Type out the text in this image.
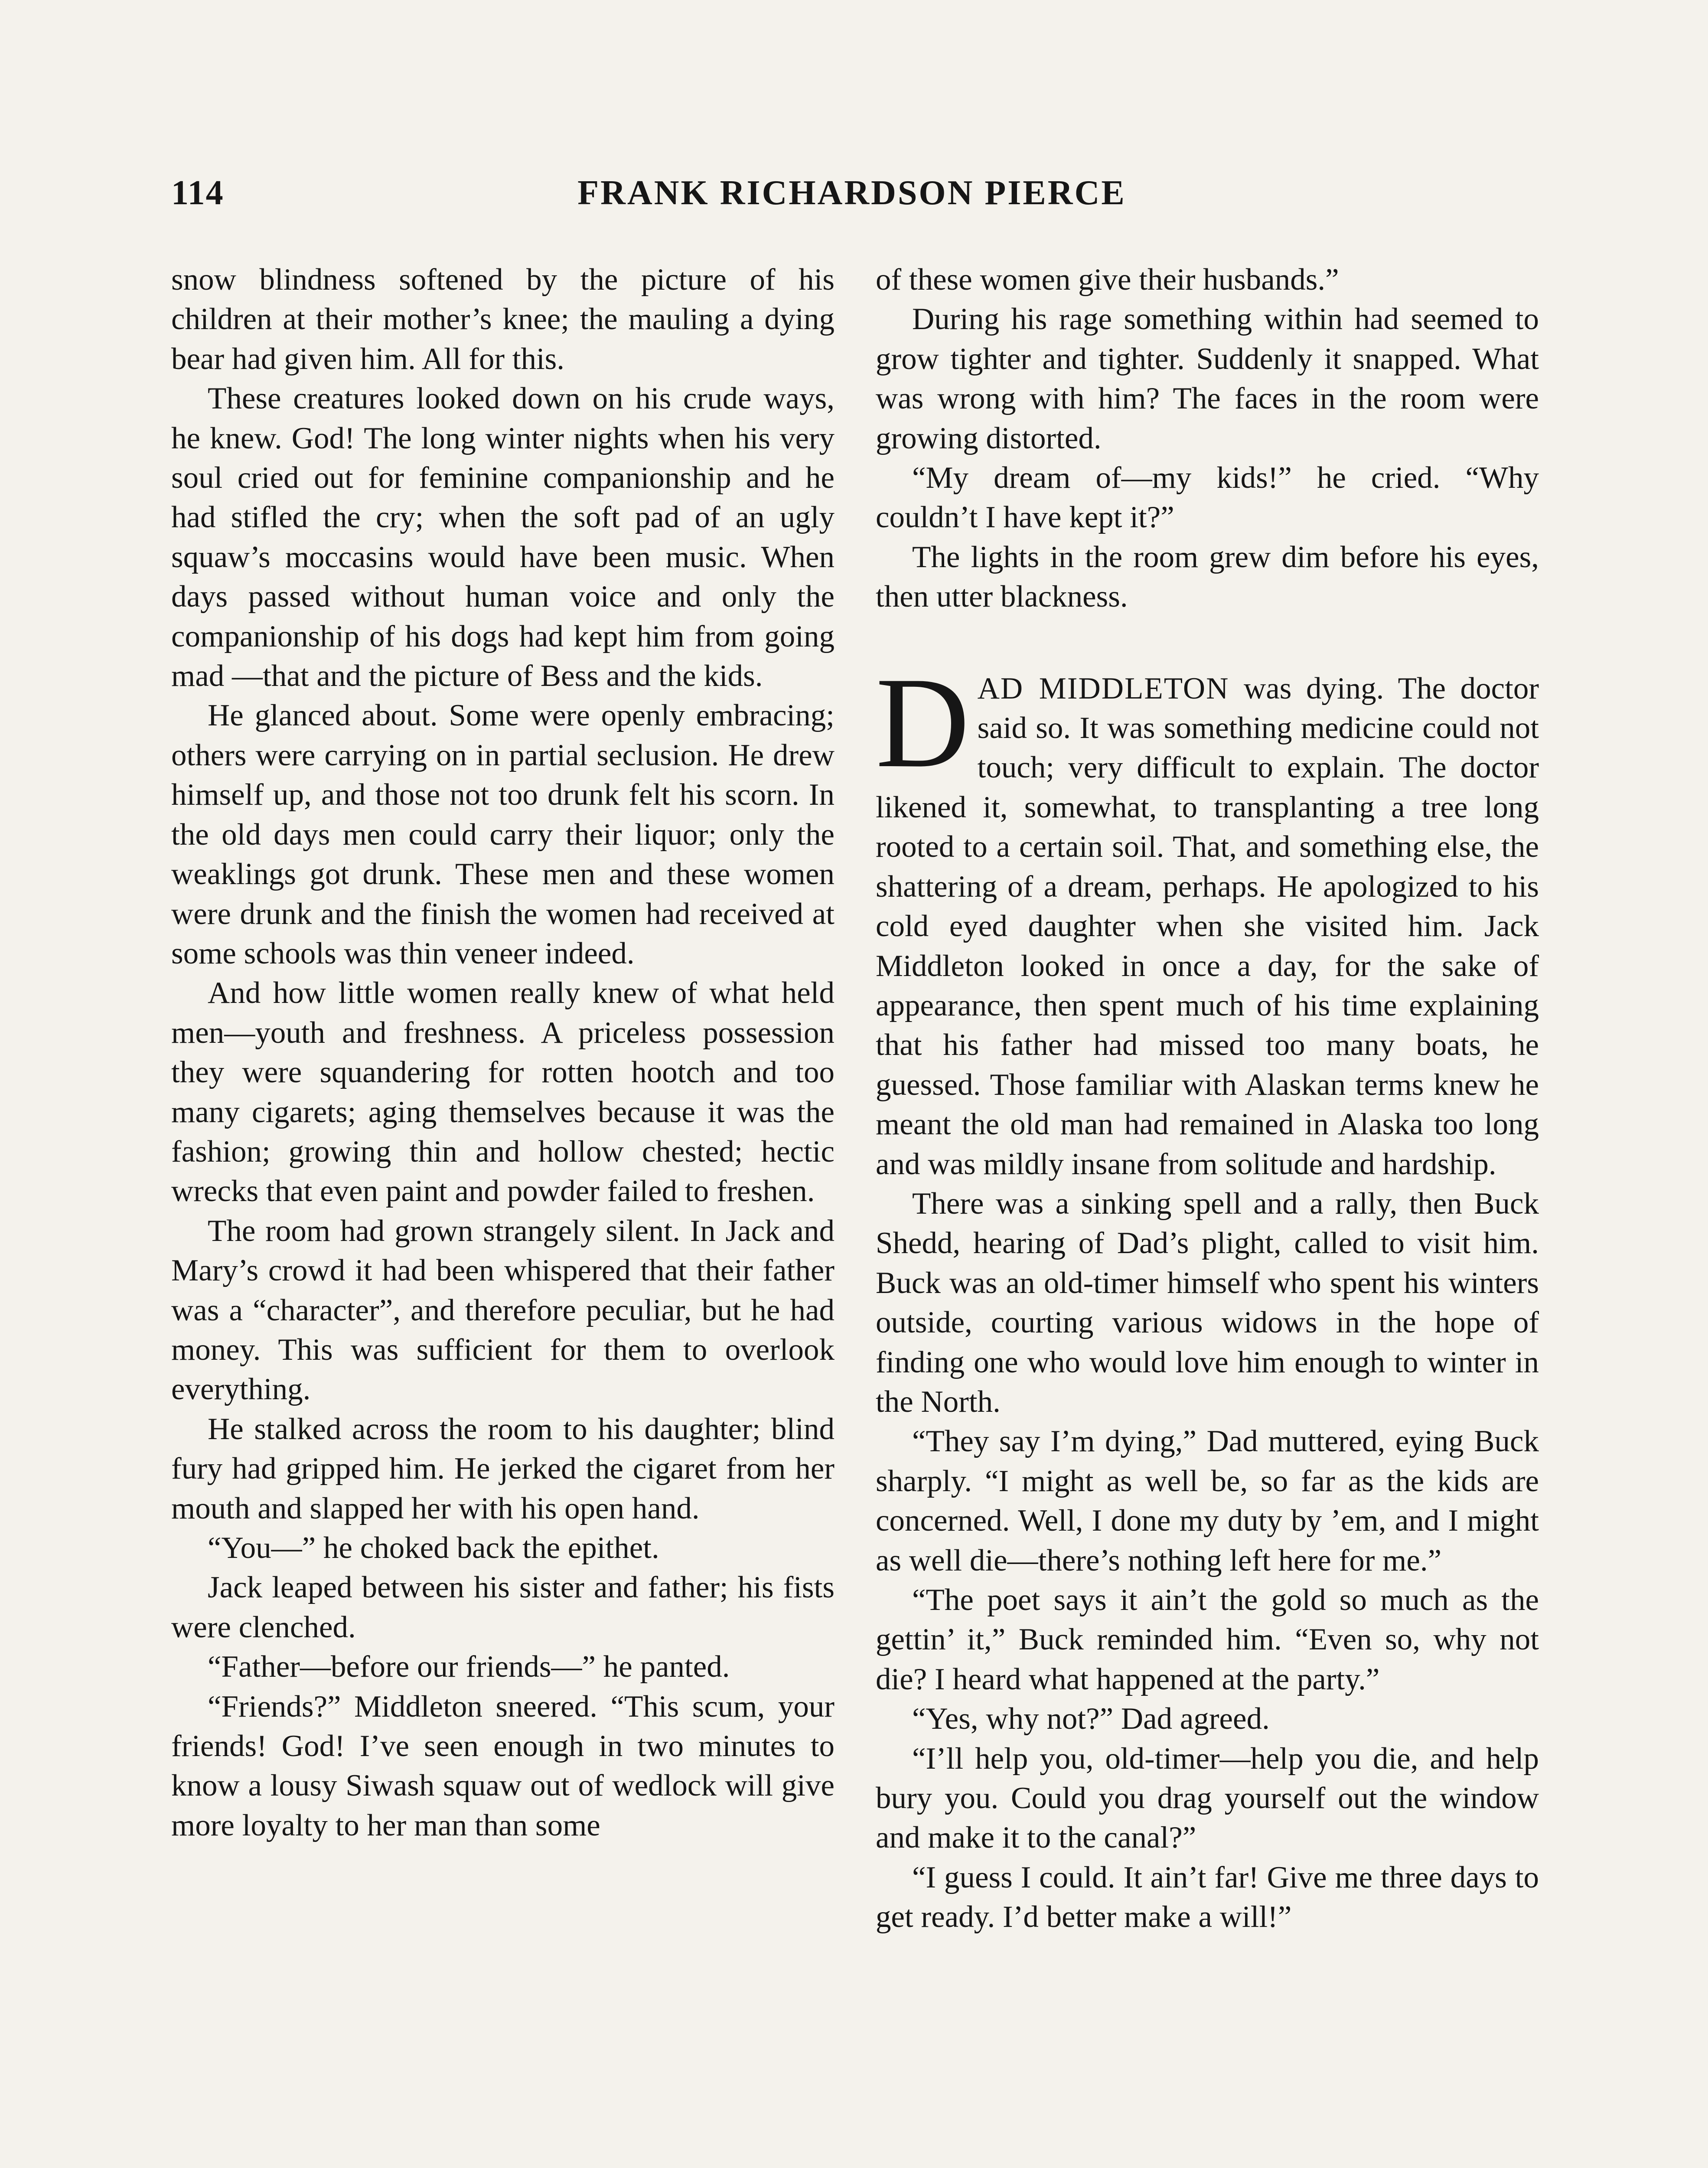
114	FRANK RICHARDSON PIERCE

snow blindness softened by the picture of his children at their mother’s knee; the mauling a dying bear had given him. All for this.

These creatures looked down on his crude ways, he knew. God! The long winter nights when his very soul cried out for feminine companionship and he had stifled the cry; when the soft pad of an ugly squaw’s moccasins would have been music. When days passed without human voice and only the companionship of his dogs had kept him from going mad —that and the picture of Bess and the kids.

He glanced about. Some were openly embracing; others were carrying on in partial seclusion. He drew himself up, and those not too drunk felt his scorn. In the old days men could carry their liquor; only the weaklings got drunk. These men and these women were drunk and the finish the women had received at some schools was thin veneer indeed.

And how little women really knew of what held men—youth and freshness. A priceless possession they were squandering for rotten hootch and too many cigarets; aging themselves because it was the fashion; growing thin and hollow chested; hectic wrecks that even paint and powder failed to freshen.

The room had grown strangely silent. In Jack and Mary’s crowd it had been whispered that their father was a “character”, and therefore peculiar, but he had money. This was sufficient for them to overlook everything.

He stalked across the room to his daughter; blind fury had gripped him. He jerked the cigaret from her mouth and slapped her with his open hand.

“You—” he choked back the epithet.

Jack leaped between his sister and father; his fists were clenched.

“Father—before our friends—” he panted.

“Friends?” Middleton sneered. “This scum, your friends! God! I’ve seen enough in two minutes to know a lousy Siwash squaw out of wedlock will give more loyalty to her man than some

of these women give their husbands.”

During his rage something within had seemed to grow tighter and tighter. Suddenly it snapped. What was wrong with him? The faces in the room were growing distorted.

“My dream of—my kids!” he cried. “Why couldn’t I have kept it?”

The lights in the room grew dim before his eyes, then utter blackness.

DAD MIDDLETON was dying. The doctor said so. It was something medicine could not touch; very difficult to explain. The doctor likened it, somewhat, to transplanting a tree long rooted to a certain soil. That, and something else, the shattering of a dream, perhaps. He apologized to his cold eyed daughter when she visited him. Jack Middleton looked in once a day, for the sake of appearance, then spent much of his time explaining that his father had missed too many boats, he guessed. Those familiar with Alaskan terms knew he meant the old man had remained in Alaska too long and was mildly insane from solitude and hardship.

There was a sinking spell and a rally, then Buck Shedd, hearing of Dad’s plight, called to visit him. Buck was an old-timer himself who spent his winters outside, courting various widows in the hope of finding one who would love him enough to winter in the North.

“They say I’m dying,” Dad muttered, eying Buck sharply. “I might as well be, so far as the kids are concerned. Well, I done my duty by ’em, and I might as well die—there’s nothing left here for me.”

“The poet says it ain’t the gold so much as the gettin’ it,” Buck reminded him. “Even so, why not die? I heard what happened at the party.”

“Yes, why not?” Dad agreed.

“I’ll help you, old-timer—help you die, and help bury you. Could you drag yourself out the window and make it to the canal?”

“I guess I could. It ain’t far! Give me three days to get ready. I’d better make a will!”
